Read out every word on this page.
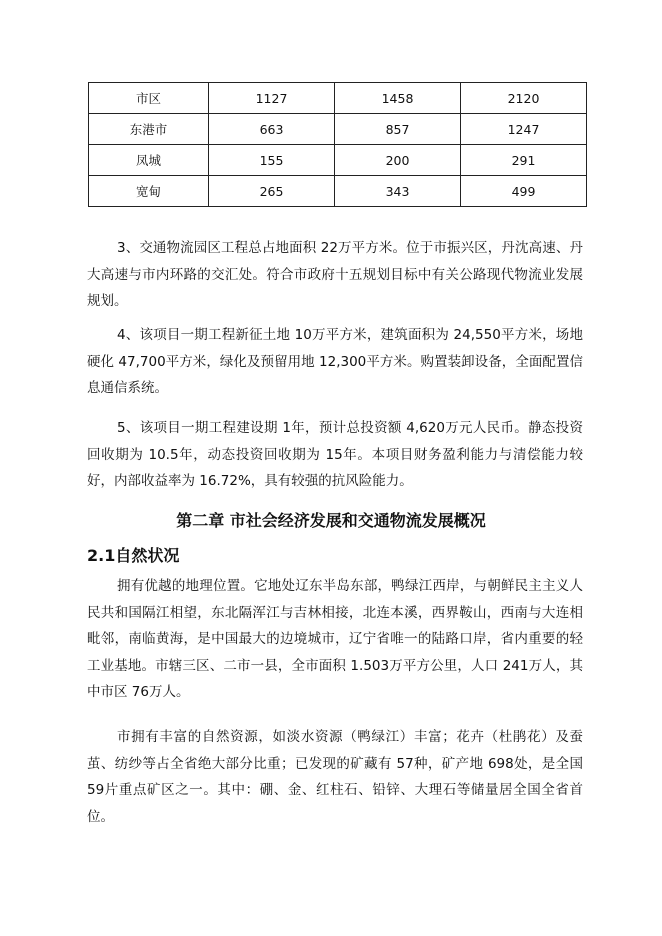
市区	1127	1458	2120
东港市	663	857	1247
凤城	155	200	291
宽甸	265	343	499

3、交通物流园区工程总占地面积 22万平方米。位于市振兴区，丹沈高速、丹大高速与市内环路的交汇处。符合市政府十五规划目标中有关公路现代物流业发展规划。

4、该项目一期工程新征土地 10万平方米，建筑面积为 24,550平方米，场地硬化 47,700平方米，绿化及预留用地 12,300平方米。购置装卸设备，全面配置信息通信系统。

5、该项目一期工程建设期 1年，预计总投资额 4,620万元人民币。静态投资回收期为 10.5年，动态投资回收期为 15年。本项目财务盈利能力与清偿能力较好，内部收益率为 16.72%，具有较强的抗风险能力。

第二章 市社会经济发展和交通物流发展概况
2.1自然状况

拥有优越的地理位置。它地处辽东半岛东部，鸭绿江西岸，与朝鲜民主主义人民共和国隔江相望，东北隔浑江与吉林相接，北连本溪，西界鞍山，西南与大连相毗邻，南临黄海，是中国最大的边境城市，辽宁省唯一的陆路口岸，省内重要的轻工业基地。市辖三区、二市一县，全市面积 1.503万平方公里，人口 241万人，其中市区 76万人。

市拥有丰富的自然资源，如淡水资源（鸭绿江）丰富；花卉（杜鹃花）及蚕茧、纺纱等占全省绝大部分比重；已发现的矿藏有 57种，矿产地 698处，是全国 59片重点矿区之一。其中：硼、金、红柱石、铅锌、大理石等储量居全国全省首位。
